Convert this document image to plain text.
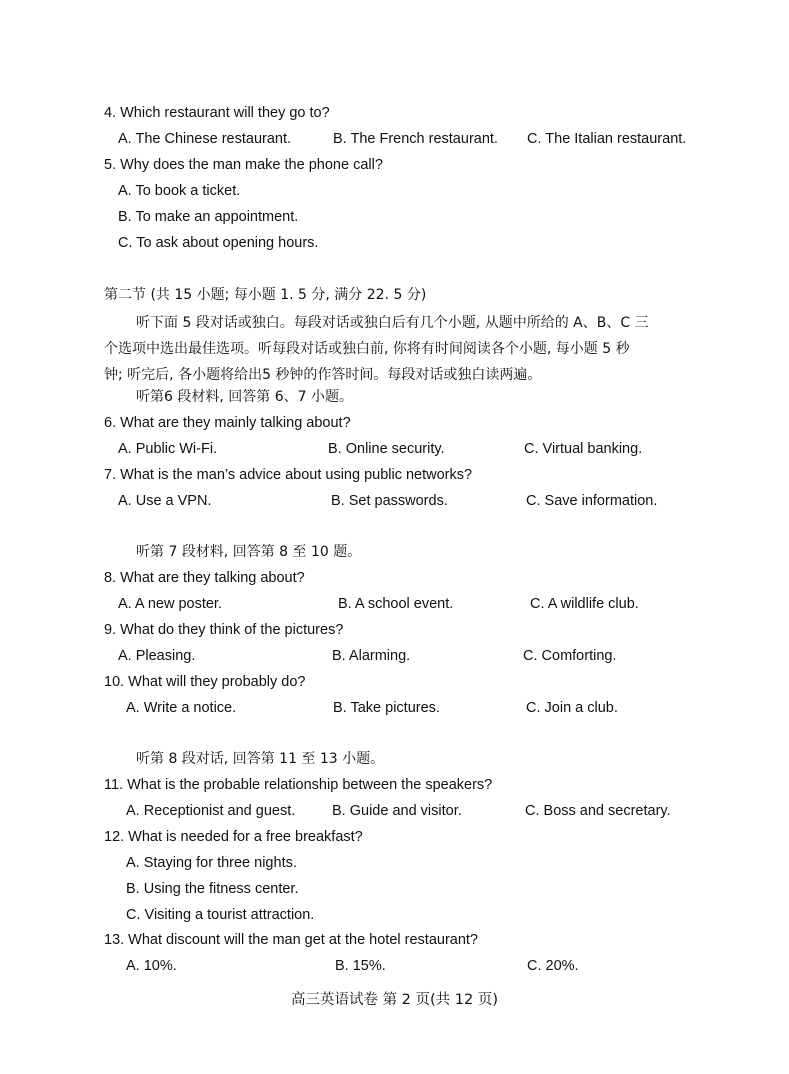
4. Which restaurant will they go to?
A. The Chinese restaurant.	B. The French restaurant. C. The Italian restaurant.
5. Why does the man make the phone call?
A. To book a ticket.
B. To make an appointment.
C. To ask about opening hours.
第二节 (共 15 小题; 每小题 1. 5 分, 满分 22. 5 分)
听下面 5 段对话或独白。每段对话或独白后有几个小题, 从题中所给的 A、B、C 三
个选项中选出最佳选项。听每段对话或独白前, 你将有时间阅读各个小题, 每小题 5 秒
钟; 听完后, 各小题将给出5 秒钟的作答时间。每段对话或独白读两遍。
听第6 段材料, 回答第 6、7 小题。
6. What are they mainly talking about?
A. Public Wi-Fi.	B. Online security.	C. Virtual banking.
7. What is the man’s advice about using public networks?
A. Use a VPN.	B. Set passwords.	C. Save information.
听第 7 段材料, 回答第 8 至 10 题。
8. What are they talking about?
A. A new poster.	B. A school event.	C. A wildlife club.
9. What do they think of the pictures?
A. Pleasing.	B. Alarming.	C. Comforting.
10. What will they probably do?
A. Write a notice.	B. Take pictures.	C. Join a club.
听第 8 段对话, 回答第 11 至 13 小题。
11. What is the probable relationship between the speakers?
A. Receptionist and guest.	B. Guide and visitor.	C. Boss and secretary.
12. What is needed for a free breakfast?
A. Staying for three nights.
B. Using the fitness center.
C. Visiting a tourist attraction.
13. What discount will the man get at the hotel restaurant?
A. 10%.	B. 15%.	C. 20%.
高三英语试卷 第 2 页(共 12 页)
